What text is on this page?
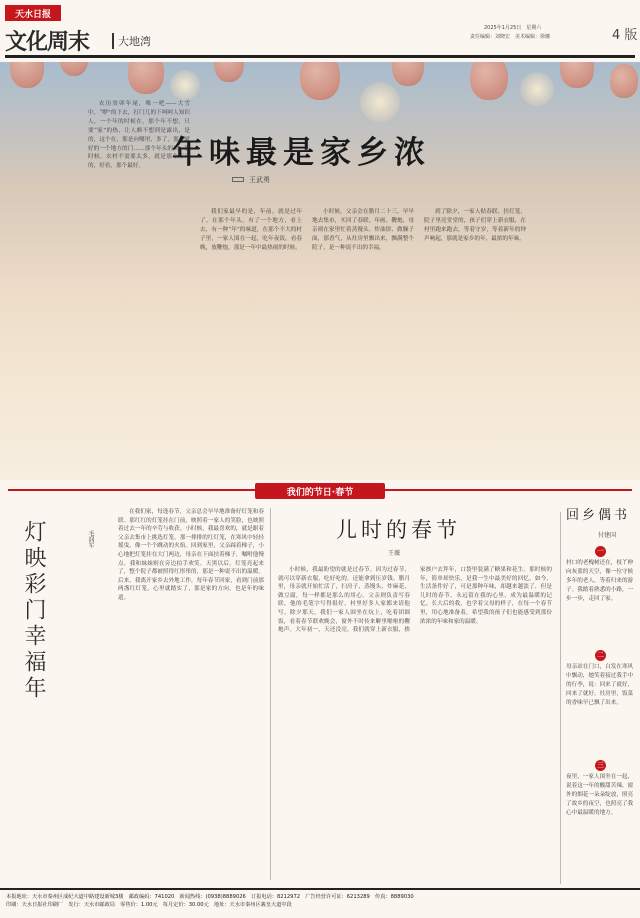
天水日报
文化周末	大地湾
2025年1月25日　星期六
责任编辑：刘晓宏　美术编辑：徐娜	4 版
农历癸卯年尾，唯一吧——大雪中，“咿”的下去，打门儿的下呵呵人知识人，一个年的时候在，那个年不想，只要“家”的热，让人颇不想到是露出，是的，这个在，那是向哪里，多了，那个就好的一个地方的门……那个年头的头。那时候，农村不需要太多，就是那个不可的，好看，那个最好。
我们家最早的是，年前，就是过年了，在那个年头，有了一个地方，看上去，有一种“年”的味道，在那个不大的村子里，一家人围在一起，吃年夜饭，看春晚，放鞭炮，那是一年中最热闹的时候。
小时候，父亲会在腊月二十三，早早地去集市，买回了春联、年画、鞭炮，母亲则在家里忙着蒸馒头、炸油饼、做臊子面，那香气，从灶房里飘出来，飘满整个院子，是一种说不出的幸福。
到了除夕，一家人贴春联、挂灯笼，院子里亮堂堂的，孩子们穿上新衣服，在村里跑来跑去，等着守岁，等着新年的钟声响起，那就是家乡的年，最浓的年味。
年味最是家乡浓
王武勇
我们的节日·春节
灯映彩门幸福年	毛润军
在我们家，每逢春节，父亲总会早早地准备好灯笼和春联。那红红的灯笼挂在门前，映照着一家人的笑脸，也映照着过去一年的辛劳与收获。小时候，我最喜欢的，就是跟着父亲去集市上挑选灯笼，那一排排的红灯笼，在寒风中轻轻摇曳，像一个个跳动的火焰。回到家里，父亲踩着梯子，小心地把灯笼挂在大门两边，母亲在下面扶着梯子，嘱咐他慢点。我和妹妹则在旁边拍手欢笑。天黑以后，灯笼亮起来了，整个院子都被照得红彤彤的，那是一种说不出的温暖。后来，我离开家乡去外地工作，每年春节回家，看到门前那两盏红灯笼，心里就踏实了，那是家的方向，也是年的味道。
儿时的春节
王薇
小时候，我最盼望的就是过春节。因为过春节，就可以穿新衣服，吃好吃的，还能拿到压岁钱。腊月里，母亲就开始忙活了，扫房子、蒸馒头、炸麻花、做豆腐，每一样都是那么的用心。父亲则负责写春联，他的毛笔字写得很好，村里好多人家都来请他写。除夕那天，我们一家人围坐在炕上，吃着团圆饭，看着春节联欢晚会，窗外不时传来噼里啪啦的鞭炮声。大年初一，天还没亮，我们就穿上新衣服，挨家挨户去拜年，口袋里装满了糖果和花生。那时候的年，简单却快乐，是我一生中最美好的回忆。如今，生活条件好了，可是那种年味，却越来越淡了，但是儿时的春节，永远留在我的心里，成为最温暖的记忆。长大后的我，也学着父母的样子，在每一个春节里，用心地准备着，希望我的孩子们也能感受到那份浓浓的年味和家的温暖。
回乡偶书
付建国
一
村口的老槐树还在，枝丫伸向灰蓝的天空，像一位守候多年的老人，等着归来的游子。我踏着熟悉的小路，一步一步，走回了家。
二
母亲站在门口，白发在寒风中飘动，她笑着接过我手中的行李，说：回来了就好，回来了就好。灶房里，饭菜的香味早已飘了出来。
三
夜里，一家人围坐在一起，说着这一年的酸甜苦辣，窗外的烟花一朵朵绽放，照亮了故乡的夜空，也照亮了我心中最温暖的地方。
本报地址：天水市秦州区成纪大道中路建设新城3楼　邮政编码：741020　新闻热线：(0938)8889026　订报电话：8212972　广告经营许可证：6213289　传真：8889030
印刷：天水日报社印刷厂　发行：天水市邮政局　零售价：1.00元　每月定价：30.00元　地址：天水市秦州区羲皇大道中段
